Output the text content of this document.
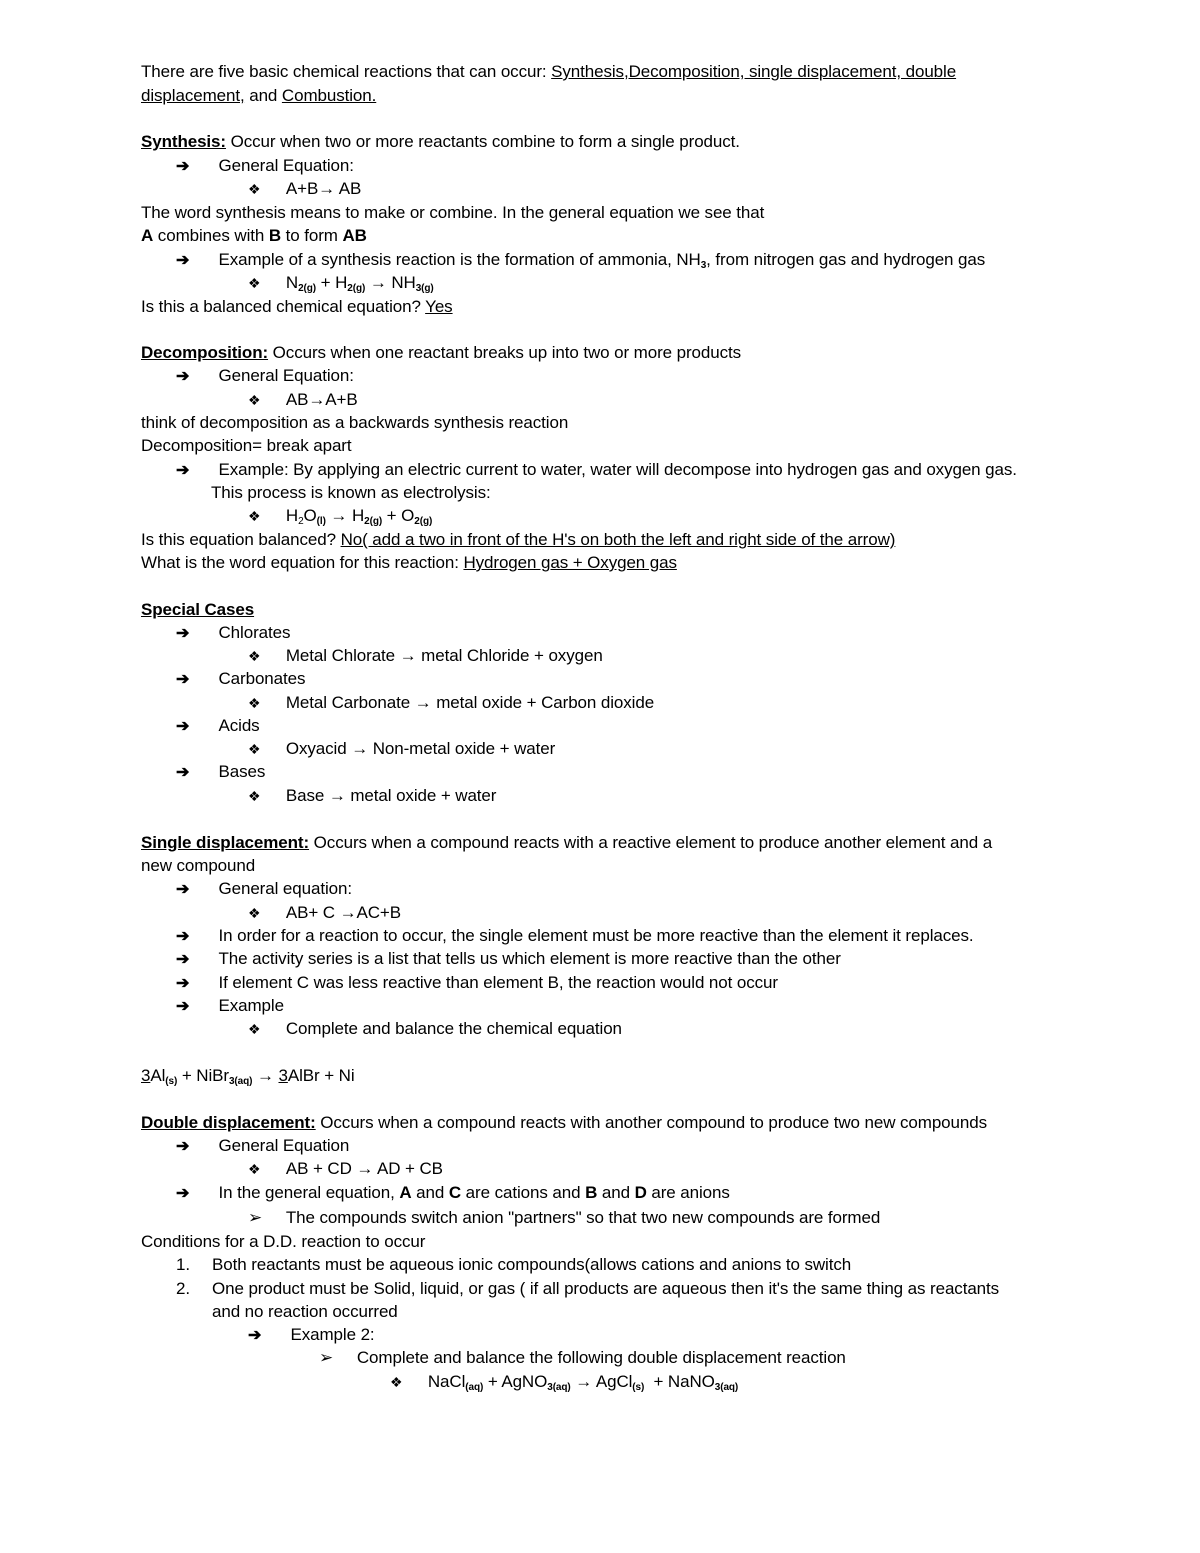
There are five basic chemical reactions that can occur: Synthesis,Decomposition, single displacement, double
displacement, and Combustion.
Synthesis: Occur when two or more reactants combine to form a single product.
➔ General Equation:
❖ A+B→ AB
The word synthesis means to make or combine. In the general equation we see that
A combines with B to form AB
➔ Example of a synthesis reaction is the formation of ammonia, $NH_3$, from nitrogen gas and hydrogen gas
❖ $N_{2(g)} + H_{2(g)} \to NH_{3(g)}$
Is this a balanced chemical equation? Yes
Decomposition: Occurs when one reactant breaks up into two or more products
➔ General Equation:
❖ AB→A+B
think of decomposition as a backwards synthesis reaction
Decomposition= break apart
➔ Example: By applying an electric current to water, water will decompose into hydrogen gas and oxygen gas.
This process is known as electrolysis:
❖ $H_2O_{(l)} \to H_{2(g)} + O_{2(g)}$
Is this equation balanced? No( add a two in front of the H's on both the left and right side of the arrow)
What is the word equation for this reaction: Hydrogen gas + Oxygen gas
Special Cases
➔ Chlorates
❖ Metal Chlorate → metal Chloride + oxygen
➔ Carbonates
❖ Metal Carbonate → metal oxide + Carbon dioxide
➔ Acids
❖ Oxyacid → Non-metal oxide + water
➔ Bases
❖ Base → metal oxide + water
Single displacement: Occurs when a compound reacts with a reactive element to produce another element and a
new compound
➔ General equation:
❖ AB+ C →AC+B
➔ In order for a reaction to occur, the single element must be more reactive than the element it replaces.
➔ The activity series is a list that tells us which element is more reactive than the other
➔ If element C was less reactive than element B, the reaction would not occur
➔ Example
❖ Complete and balance the chemical equation
$3Al_{(s)}$ + NiBr$_{3(aq)}$ → 3AlBr + Ni
Double displacement: Occurs when a compound reacts with another compound to produce two new compounds
➔ General Equation
❖ AB + CD → AD + CB
➔ In the general equation, A and C are cations and B and D are anions
➢ The compounds switch anion "partners" so that two new compounds are formed
Conditions for a D.D. reaction to occur
1. Both reactants must be aqueous ionic compounds(allows cations and anions to switch
2. One product must be Solid, liquid, or gas ( if all products are aqueous then it's the same thing as reactants
and no reaction occurred
➔ Example 2:
➢ Complete and balance the following double displacement reaction
❖ NaCl$_{(aq)}$ + AgNO$_{3(aq)}$ → AgCl$_{(s)}$  + NaNO$_{3(aq)}$
